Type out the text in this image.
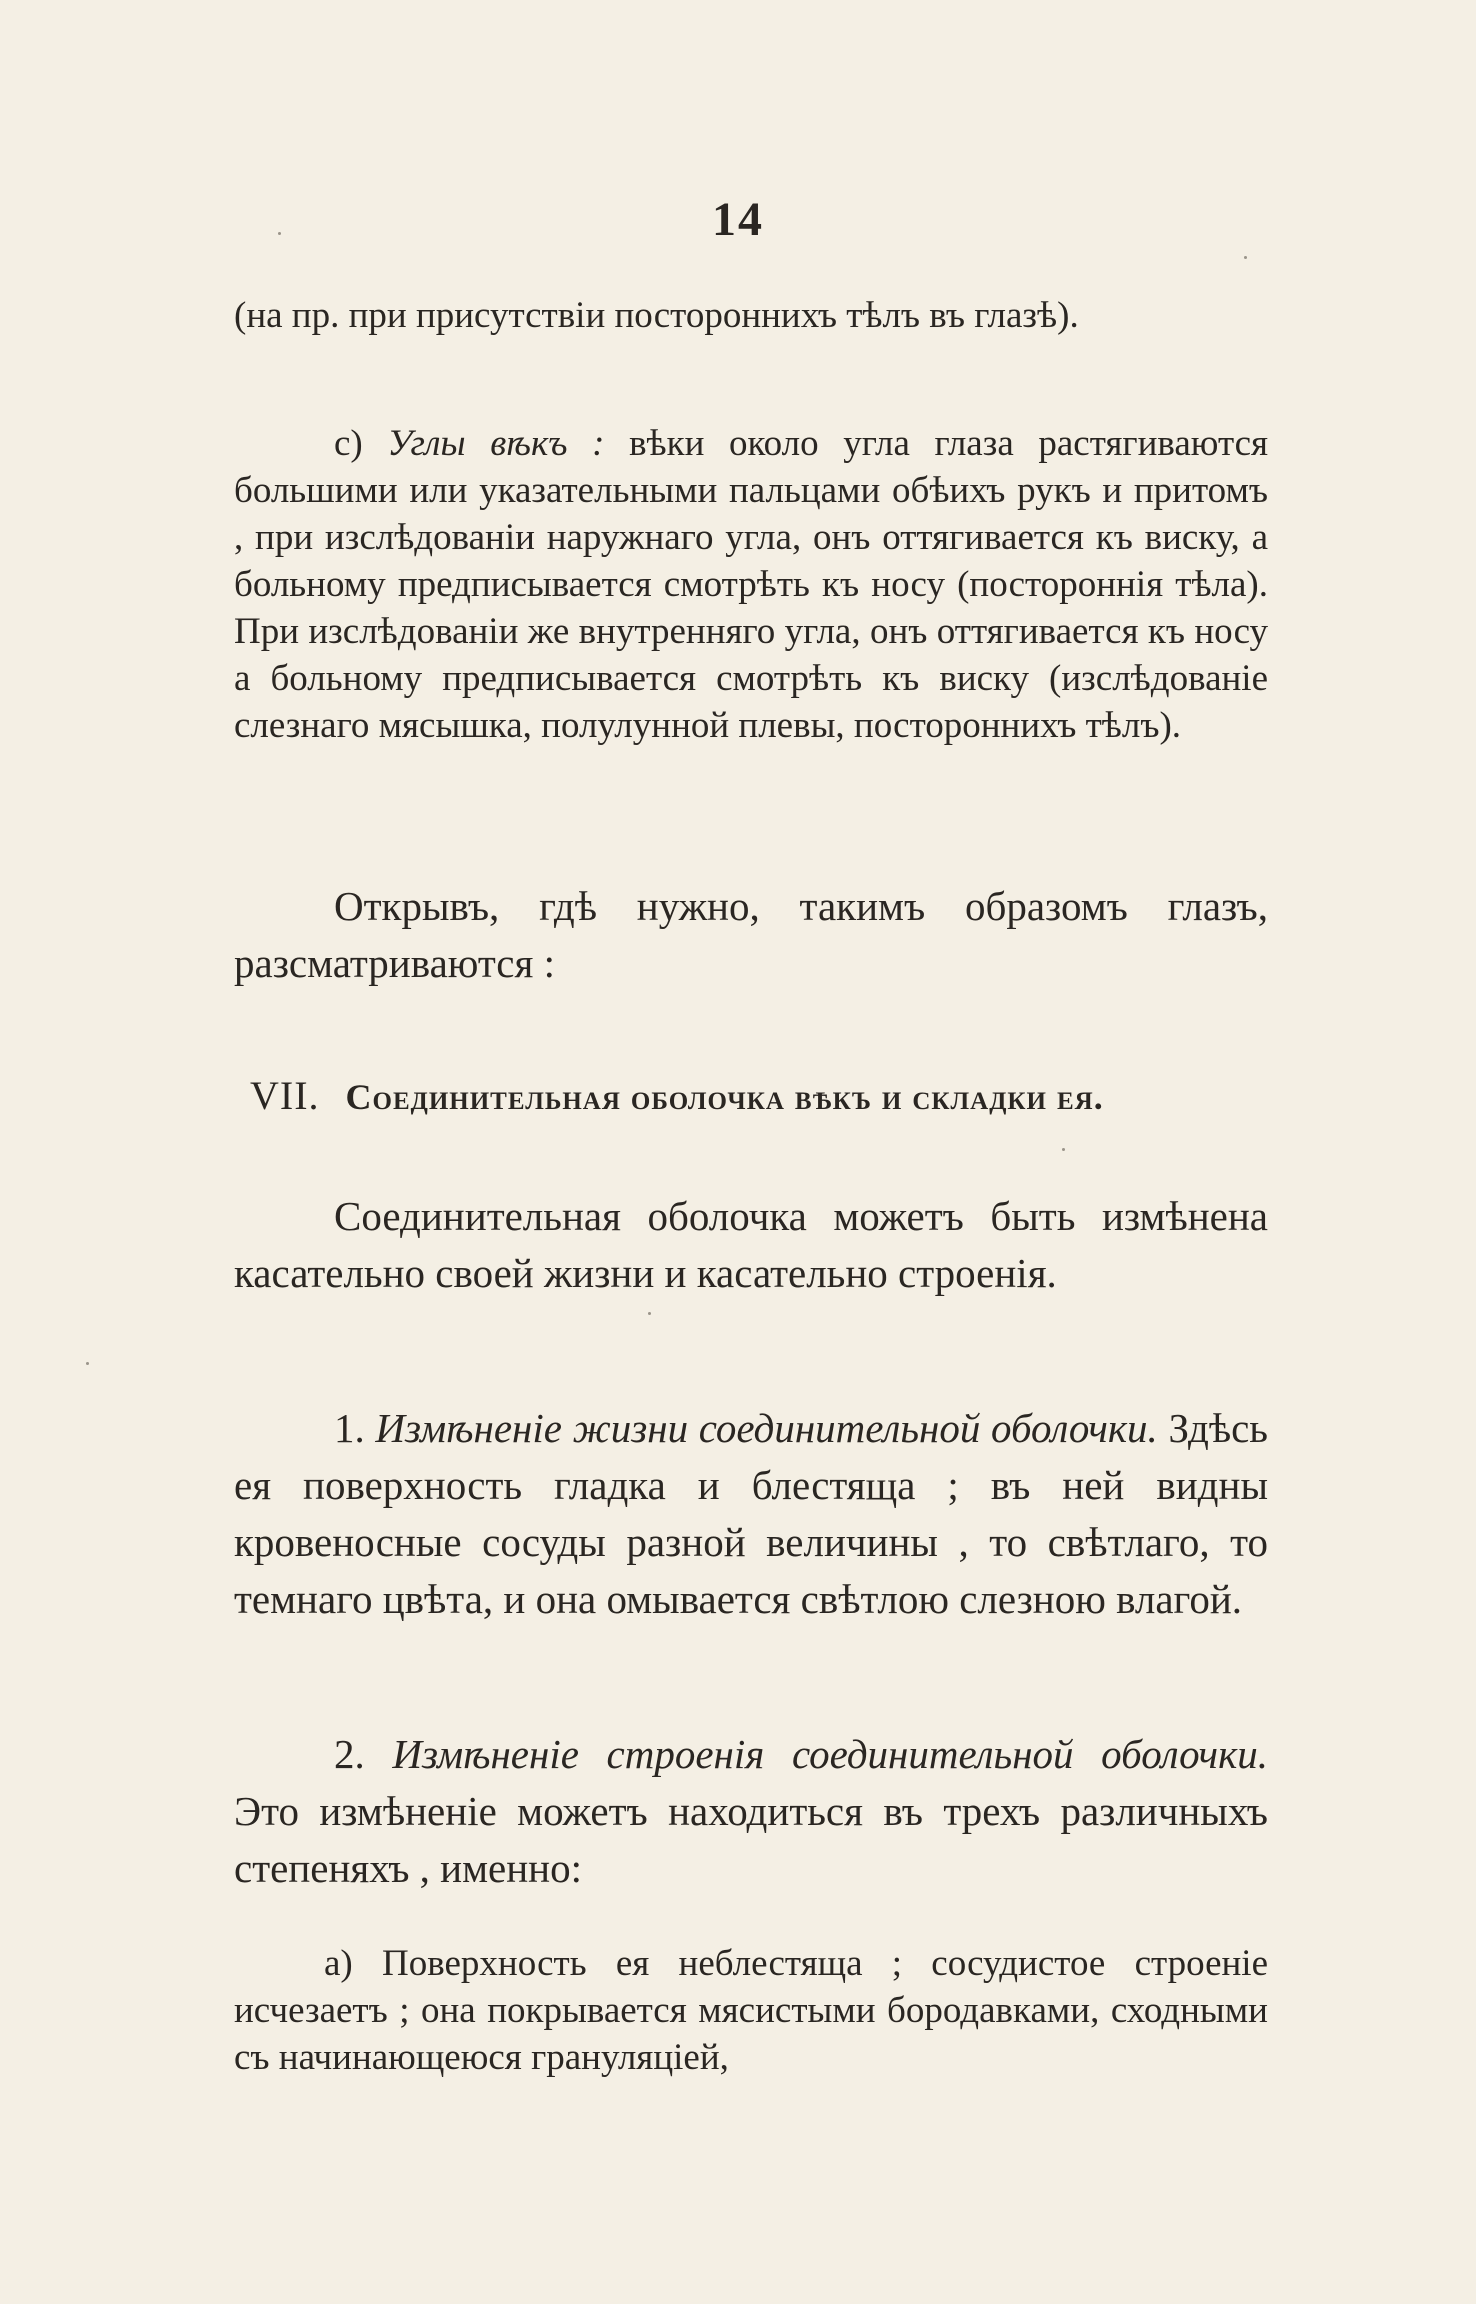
14

(на пр. при присутствiи постороннихъ тѣлъ въ глазѣ).

c) Углы вѣкъ : вѣки около угла глаза растягиваются большими или указательными пальцами обѣихъ рукъ и притомъ , при изслѣдованiи наружнаго угла, онъ оттягивается къ виску, а больному предписывается смотрѣть къ носу (постороннiя тѣла). При изслѣдованiи же внутренняго угла, онъ оттягивается къ носу а больному предписывается смотрѣть къ виску (изслѣдованiе слезнаго мясышка, полулунной плевы, постороннихъ тѣлъ).

Открывъ, гдѣ нужно, такимъ образомъ глазъ, разсматриваются :

VII. Соединительная оболочка вѣкъ и складки ея.

Соединительная оболочка можетъ быть измѣнена касательно своей жизни и касательно строенiя.

1. Измѣненiе жизни соединительной оболочки. Здѣсь ея поверхность гладка и блестяща ; въ ней видны кровеносные сосуды разной величины , то свѣтлаго, то темнаго цвѣта, и она омывается свѣтлою слезною влагой.

2. Измѣненiе строенiя соединительной оболочки. Это измѣненiе можетъ находиться въ трехъ различныхъ степеняхъ , именно:

a) Поверхность ея неблестяща ; сосудистое строенiе исчезаетъ ; она покрывается мясистыми бородавками, сходными съ начинающеюся грануляцiей,
